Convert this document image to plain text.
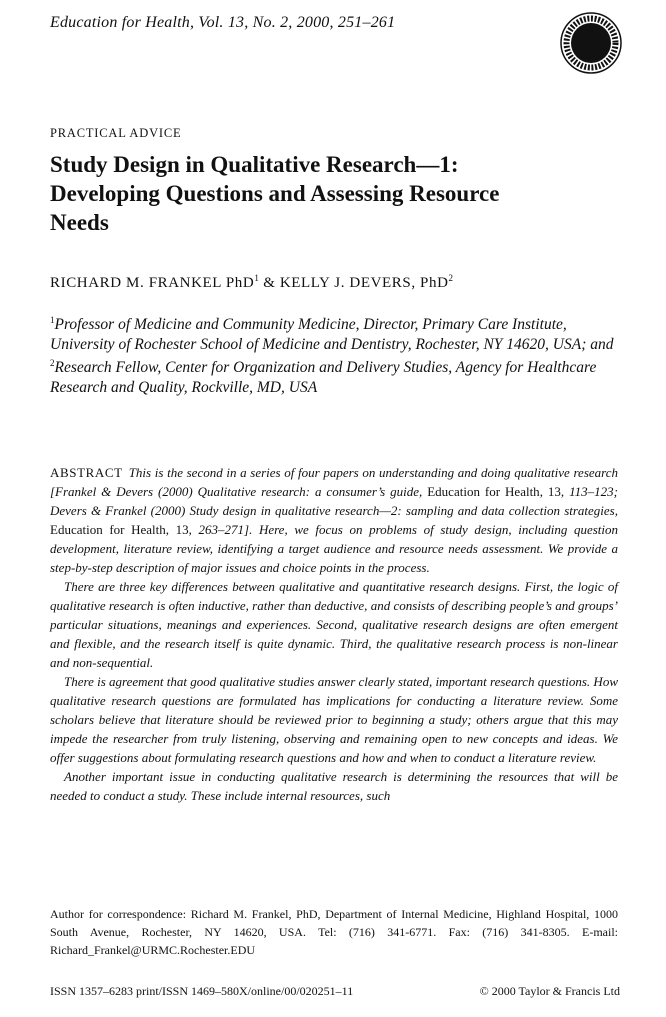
Education for Health, Vol. 13, No. 2, 2000, 251–261
PRACTICAL ADVICE
Study Design in Qualitative Research—1:
Developing Questions and Assessing Resource
Needs
RICHARD M. FRANKEL PhD$^1$ & KELLY J. DEVERS, PhD$^2$
$^1$Professor of Medicine and Community Medicine, Director, Primary Care Institute, University of Rochester School of Medicine and Dentistry, Rochester, NY 14620, USA; and $^2$Research Fellow, Center for Organization and Delivery Studies, Agency for Healthcare Research and Quality, Rockville, MD, USA

ABSTRACT This is the second in a series of four papers on understanding and doing qualitative research [Frankel & Devers (2000) Qualitative research: a consumer’s guide, Education for Health, 13, 113–123; Devers & Frankel (2000) Study design in qualitative research—2: sampling and data collection strategies, Education for Health, 13, 263–271]. Here, we focus on problems of study design, including question development, literature review, identifying a target audience and resource needs assessment. We provide a step-by-step description of major issues and choice points in the process.

There are three key differences between qualitative and quantitative research designs. First, the logic of qualitative research is often inductive, rather than deductive, and consists of describing people’s and groups’ particular situations, meanings and experiences. Second, qualitative research designs are often emergent and flexible, and the research itself is quite dynamic. Third, the qualitative research process is non-linear and non-sequential.

There is agreement that good qualitative studies answer clearly stated, important research questions. How qualitative research questions are formulated has implications for conducting a literature review. Some scholars believe that literature should be reviewed prior to beginning a study; others argue that this may impede the researcher from truly listening, observing and remaining open to new concepts and ideas. We offer suggestions about formulating research questions and how and when to conduct a literature review.

Another important issue in conducting qualitative research is determining the resources that will be needed to conduct a study. These include internal resources, such

Author for correspondence: Richard M. Frankel, PhD, Department of Internal Medicine, Highland Hospital, 1000 South Avenue, Rochester, NY 14620, USA. Tel: (716) 341-6771. Fax: (716) 341-8305. E-mail: Richard_Frankel@URMC.Rochester.EDU
ISSN 1357–6283 print/ISSN 1469–580X/online/00/020251–11	© 2000 Taylor & Francis Ltd
